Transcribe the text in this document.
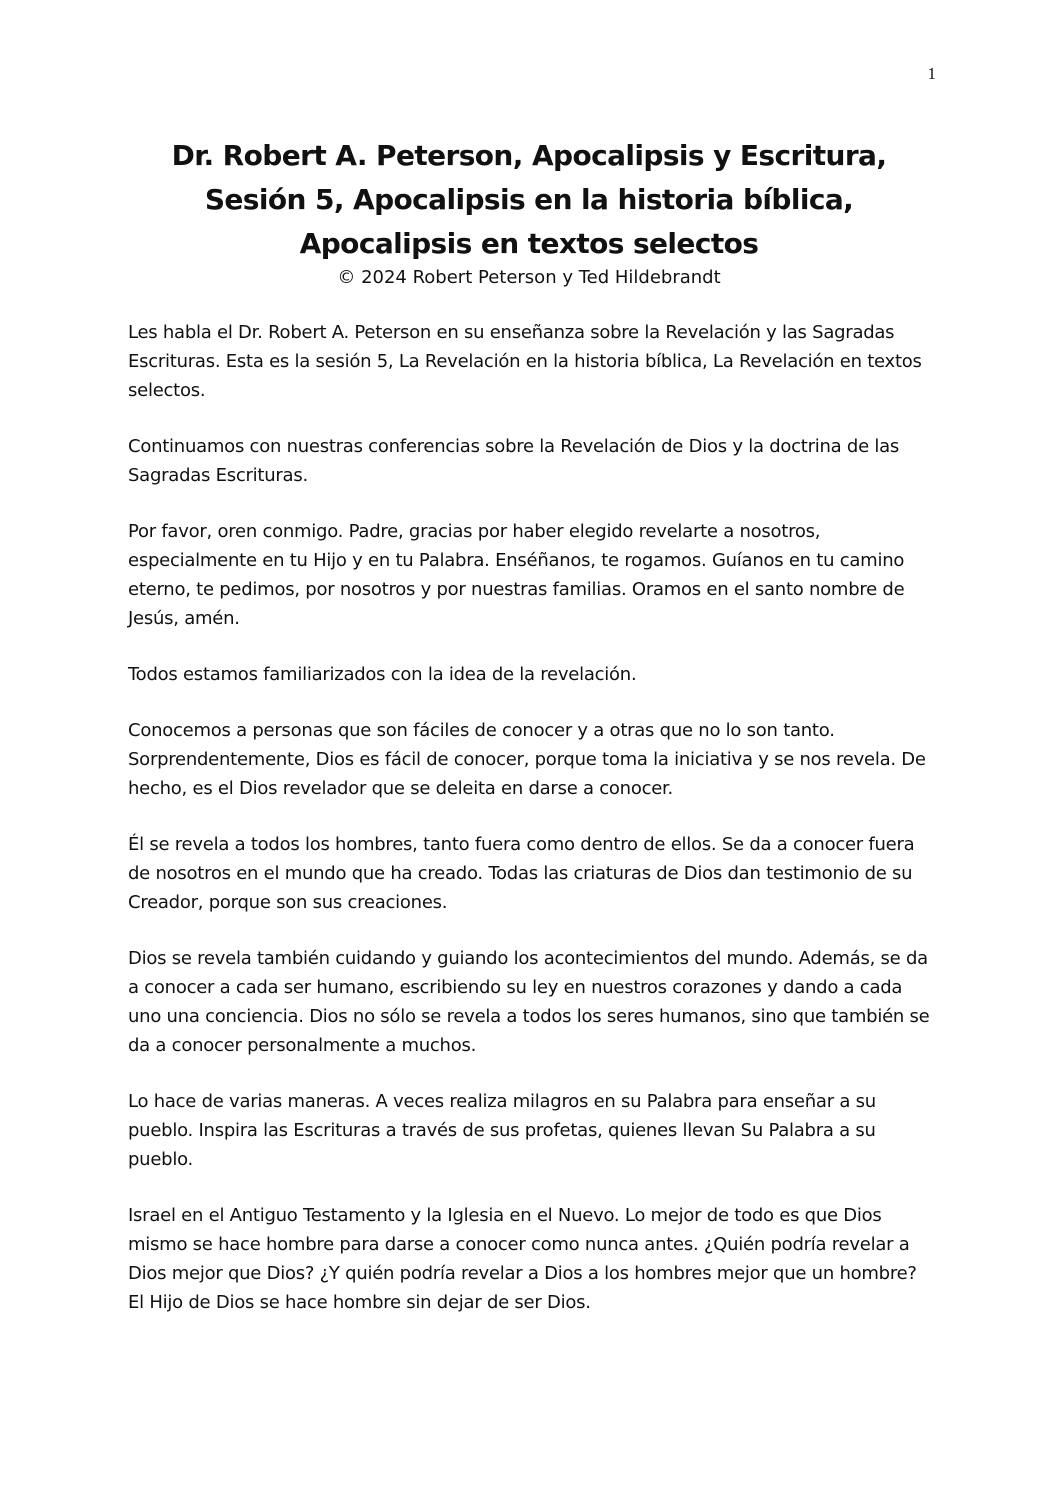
1
Dr. Robert A. Peterson, Apocalipsis y Escritura,
Sesión 5, Apocalipsis en la historia bíblica,
Apocalipsis en textos selectos
© 2024 Robert Peterson y Ted Hildebrandt

Les habla el Dr. Robert A. Peterson en su enseñanza sobre la Revelación y las Sagradas Escrituras. Esta es la sesión 5, La Revelación en la historia bíblica, La Revelación en textos selectos.

Continuamos con nuestras conferencias sobre la Revelación de Dios y la doctrina de las Sagradas Escrituras.

Por favor, oren conmigo. Padre, gracias por haber elegido revelarte a nosotros, especialmente en tu Hijo y en tu Palabra. Enséñanos, te rogamos. Guíanos en tu camino eterno, te pedimos, por nosotros y por nuestras familias. Oramos en el santo nombre de Jesús, amén.

Todos estamos familiarizados con la idea de la revelación.

Conocemos a personas que son fáciles de conocer y a otras que no lo son tanto. Sorprendentemente, Dios es fácil de conocer, porque toma la iniciativa y se nos revela. De hecho, es el Dios revelador que se deleita en darse a conocer.

Él se revela a todos los hombres, tanto fuera como dentro de ellos. Se da a conocer fuera de nosotros en el mundo que ha creado. Todas las criaturas de Dios dan testimonio de su Creador, porque son sus creaciones.

Dios se revela también cuidando y guiando los acontecimientos del mundo. Además, se da a conocer a cada ser humano, escribiendo su ley en nuestros corazones y dando a cada uno una conciencia. Dios no sólo se revela a todos los seres humanos, sino que también se da a conocer personalmente a muchos.

Lo hace de varias maneras. A veces realiza milagros en su Palabra para enseñar a su pueblo. Inspira las Escrituras a través de sus profetas, quienes llevan Su Palabra a su pueblo.

Israel en el Antiguo Testamento y la Iglesia en el Nuevo. Lo mejor de todo es que Dios mismo se hace hombre para darse a conocer como nunca antes. ¿Quién podría revelar a Dios mejor que Dios? ¿Y quién podría revelar a Dios a los hombres mejor que un hombre? El Hijo de Dios se hace hombre sin dejar de ser Dios.
